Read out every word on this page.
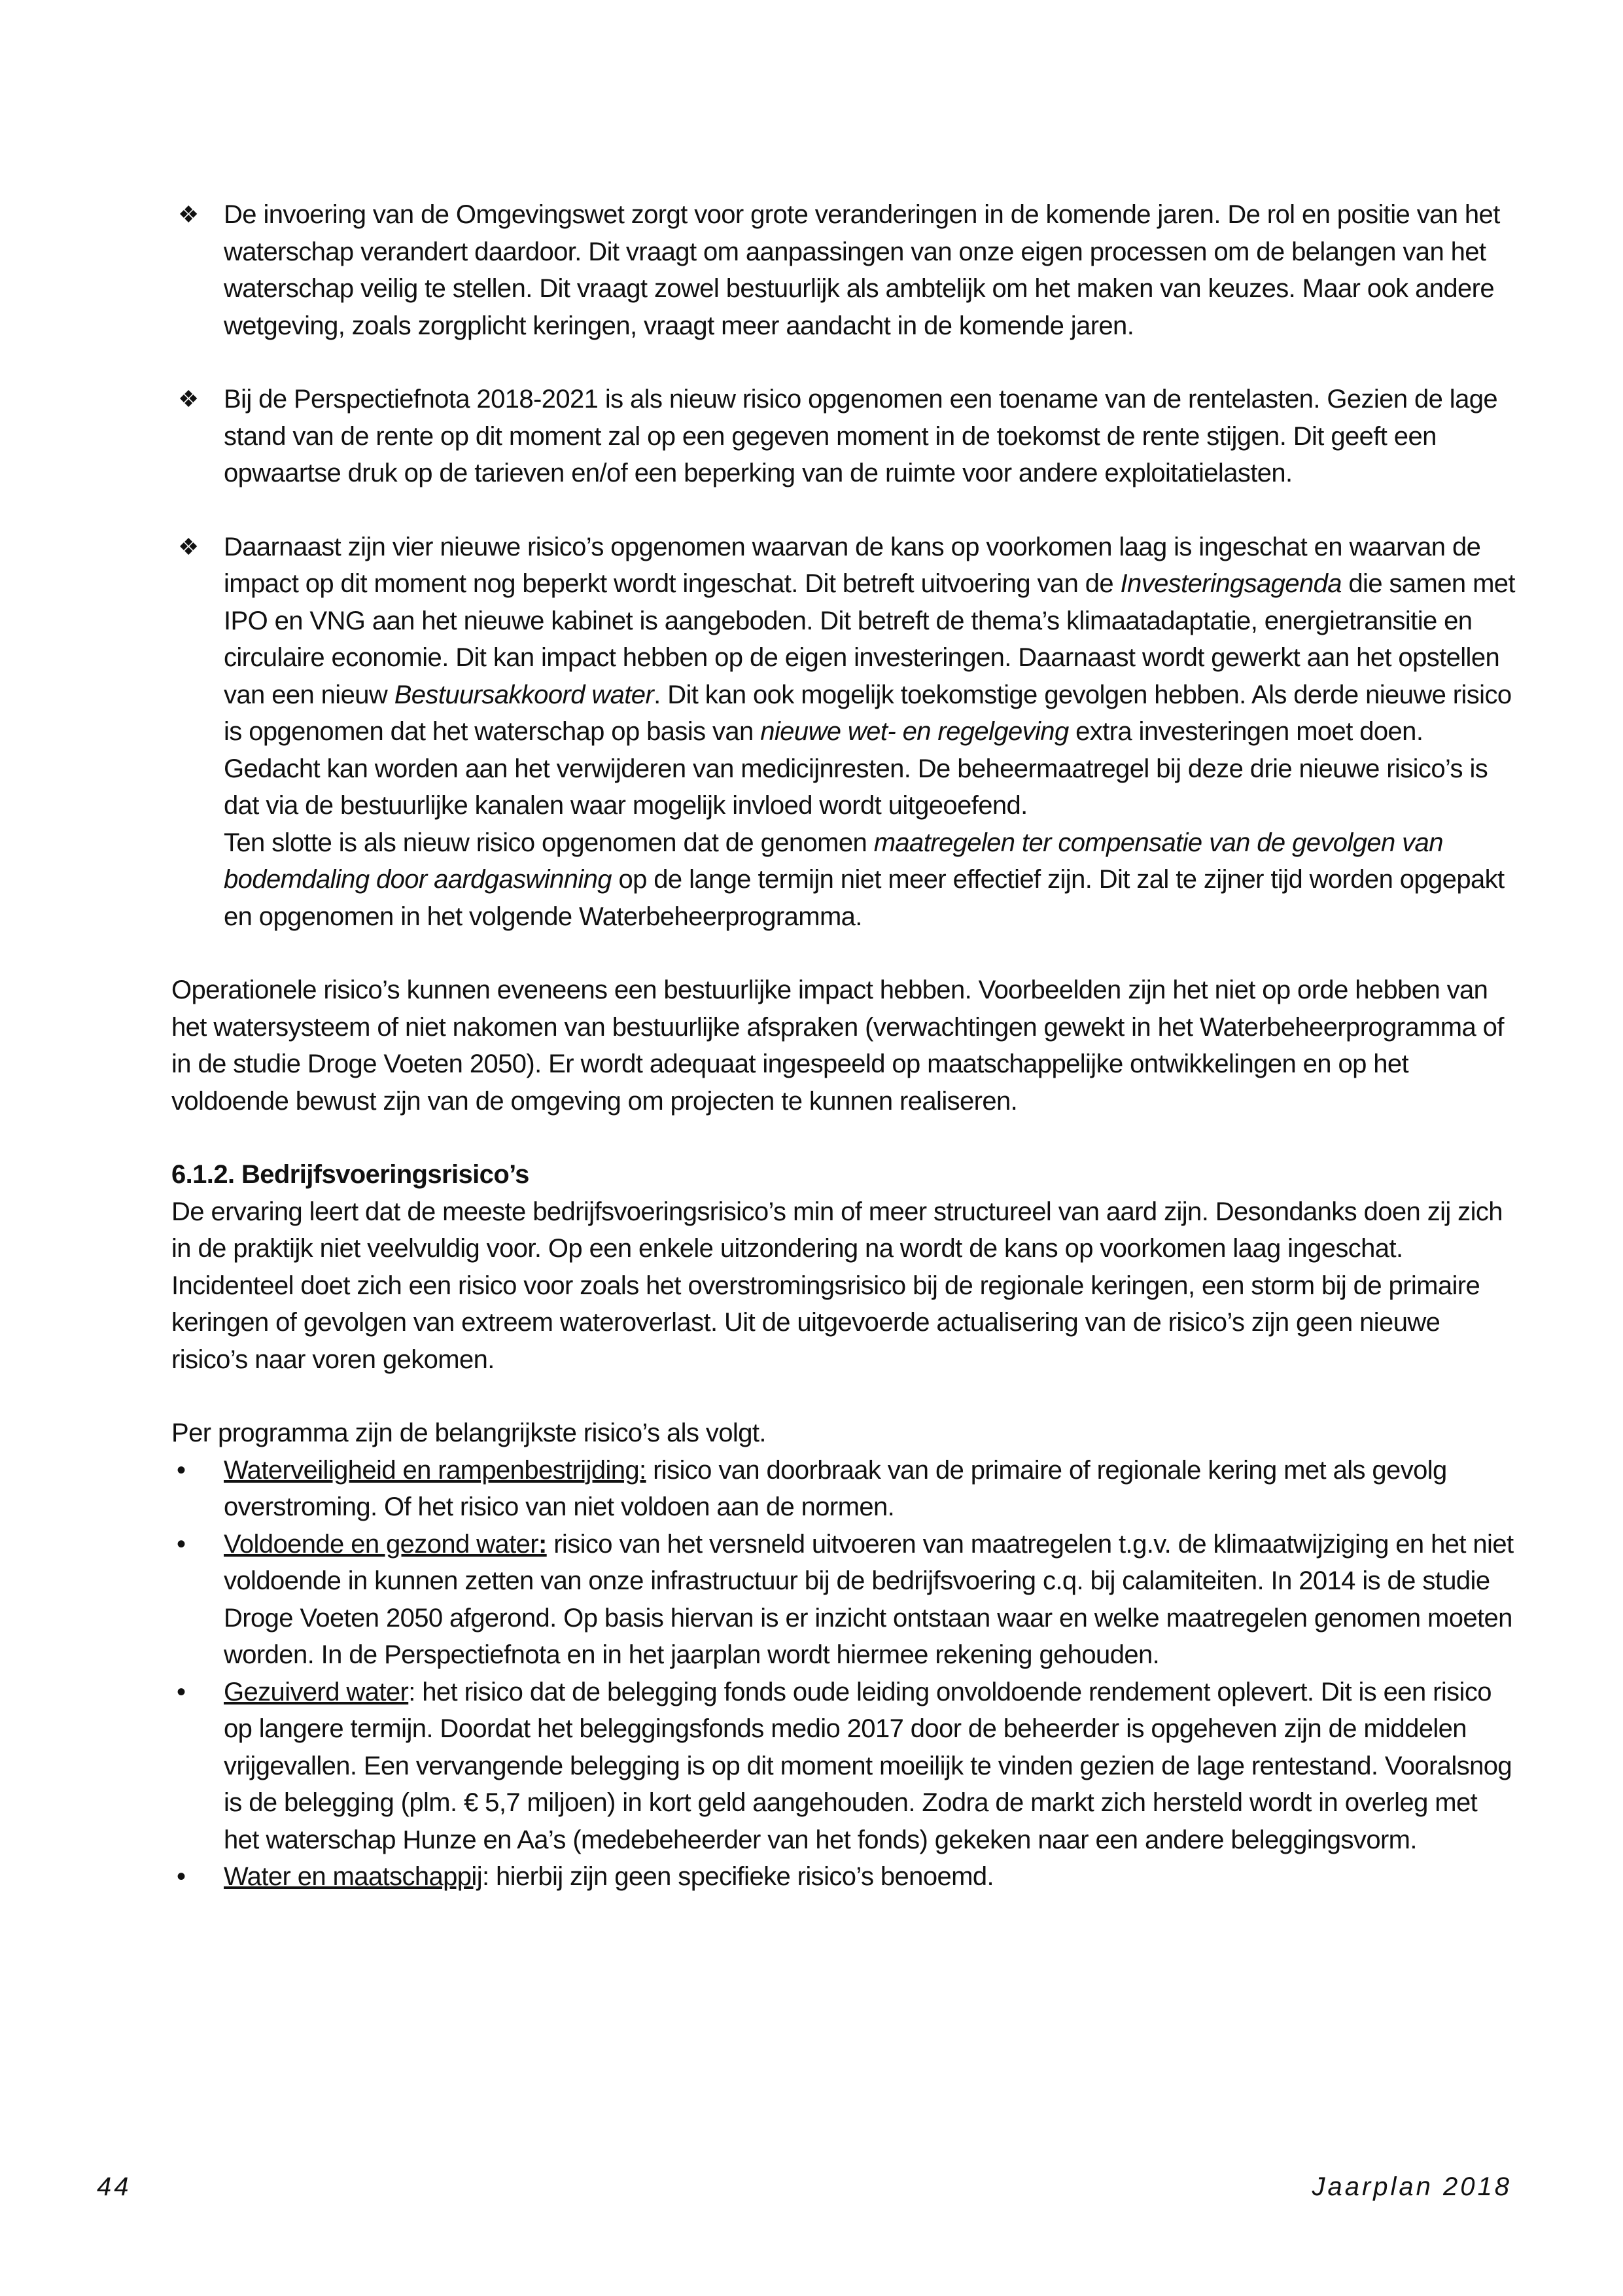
❖ De invoering van de Omgevingswet zorgt voor grote veranderingen in de komende jaren. De rol en positie van het waterschap verandert daardoor. Dit vraagt om aanpassingen van onze eigen processen om de belangen van het waterschap veilig te stellen. Dit vraagt zowel bestuurlijk als ambtelijk om het maken van keuzes. Maar ook andere wetgeving, zoals zorgplicht keringen, vraagt meer aandacht in de komende jaren.
❖ Bij de Perspectiefnota 2018-2021 is als nieuw risico opgenomen een toename van de rentelasten. Gezien de lage stand van de rente op dit moment zal op een gegeven moment in de toekomst de rente stijgen. Dit geeft een opwaartse druk op de tarieven en/of een beperking van de ruimte voor andere exploitatielasten.
❖ Daarnaast zijn vier nieuwe risico’s opgenomen waarvan de kans op voorkomen laag is ingeschat en waarvan de impact op dit moment nog beperkt wordt ingeschat. Dit betreft uitvoering van de Investeringsagenda die samen met IPO en VNG aan het nieuwe kabinet is aangeboden. Dit betreft de thema’s klimaatadaptatie, energietransitie en circulaire economie. Dit kan impact hebben op de eigen investeringen. Daarnaast wordt gewerkt aan het opstellen van een nieuw Bestuursakkoord water. Dit kan ook mogelijk toekomstige gevolgen hebben. Als derde nieuwe risico is opgenomen dat het waterschap op basis van nieuwe wet- en regelgeving extra investeringen moet doen. Gedacht kan worden aan het verwijderen van medicijnresten. De beheermaatregel bij deze drie nieuwe risico’s is dat via de bestuurlijke kanalen waar mogelijk invloed wordt uitgeoefend.

Ten slotte is als nieuw risico opgenomen dat de genomen maatregelen ter compensatie van de gevolgen van bodemdaling door aardgaswinning op de lange termijn niet meer effectief zijn. Dit zal te zijner tijd worden opgepakt en opgenomen in het volgende Waterbeheerprogramma.

Operationele risico’s kunnen eveneens een bestuurlijke impact hebben. Voorbeelden zijn het niet op orde hebben van het watersysteem of niet nakomen van bestuurlijke afspraken (verwachtingen gewekt in het Waterbeheerprogramma of in de studie Droge Voeten 2050). Er wordt adequaat ingespeeld op maatschappelijke ontwikkelingen en op het voldoende bewust zijn van de omgeving om projecten te kunnen realiseren.

6.1.2. Bedrijfsvoeringsrisico’s

De ervaring leert dat de meeste bedrijfsvoeringsrisico’s min of meer structureel van aard zijn. Desondanks doen zij zich in de praktijk niet veelvuldig voor. Op een enkele uitzondering na wordt de kans op voorkomen laag ingeschat. Incidenteel doet zich een risico voor zoals het overstromingsrisico bij de regionale keringen, een storm bij de primaire keringen of gevolgen van extreem wateroverlast. Uit de uitgevoerde actualisering van de risico’s zijn geen nieuwe risico’s naar voren gekomen.

Per programma zijn de belangrijkste risico’s als volgt.

• Waterveiligheid en rampenbestrijding: risico van doorbraak van de primaire of regionale kering met als gevolg overstroming. Of het risico van niet voldoen aan de normen.
• Voldoende en gezond water: risico van het versneld uitvoeren van maatregelen t.g.v. de klimaatwijziging en het niet voldoende in kunnen zetten van onze infrastructuur bij de bedrijfsvoering c.q. bij calamiteiten. In 2014 is de studie Droge Voeten 2050 afgerond. Op basis hiervan is er inzicht ontstaan waar en welke maatregelen genomen moeten worden. In de Perspectiefnota en in het jaarplan wordt hiermee rekening gehouden.
• Gezuiverd water: het risico dat de belegging fonds oude leiding onvoldoende rendement oplevert. Dit is een risico op langere termijn. Doordat het beleggingsfonds medio 2017 door de beheerder is opgeheven zijn de middelen vrijgevallen. Een vervangende belegging is op dit moment moeilijk te vinden gezien de lage rentestand. Vooralsnog is de belegging (plm. € 5,7 miljoen) in kort geld aangehouden. Zodra de markt zich hersteld wordt in overleg met het waterschap Hunze en Aa’s (medebeheerder van het fonds) gekeken naar een andere beleggingsvorm.
• Water en maatschappij: hierbij zijn geen specifieke risico’s benoemd.
44	Jaarplan 2018
